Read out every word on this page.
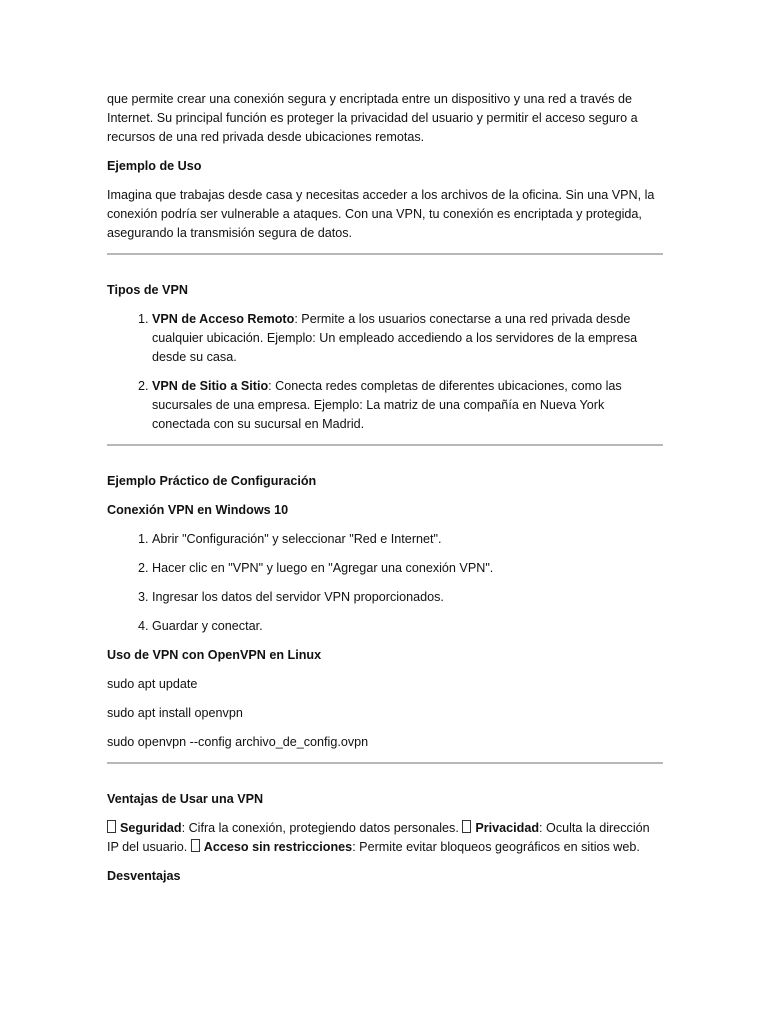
que permite crear una conexión segura y encriptada entre un dispositivo y una red a través de Internet. Su principal función es proteger la privacidad del usuario y permitir el acceso seguro a recursos de una red privada desde ubicaciones remotas.

Ejemplo de Uso

Imagina que trabajas desde casa y necesitas acceder a los archivos de la oficina. Sin una VPN, la conexión podría ser vulnerable a ataques. Con una VPN, tu conexión es encriptada y protegida, asegurando la transmisión segura de datos.

Tipos de VPN
1. VPN de Acceso Remoto: Permite a los usuarios conectarse a una red privada desde cualquier ubicación. Ejemplo: Un empleado accediendo a los servidores de la empresa desde su casa.
2. VPN de Sitio a Sitio: Conecta redes completas de diferentes ubicaciones, como las sucursales de una empresa. Ejemplo: La matriz de una compañía en Nueva York conectada con su sucursal en Madrid.
Ejemplo Práctico de Configuración
Conexión VPN en Windows 10
1. Abrir "Configuración" y seleccionar "Red e Internet".
2. Hacer clic en "VPN" y luego en "Agregar una conexión VPN".
3. Ingresar los datos del servidor VPN proporcionados.
4. Guardar y conectar.
Uso de VPN con OpenVPN en Linux

sudo apt update

sudo apt install openvpn

sudo openvpn --config archivo_de_config.ovpn

Ventajas de Usar una VPN

Seguridad: Cifra la conexión, protegiendo datos personales. Privacidad: Oculta la dirección IP del usuario. Acceso sin restricciones: Permite evitar bloqueos geográficos en sitios web.

Desventajas
